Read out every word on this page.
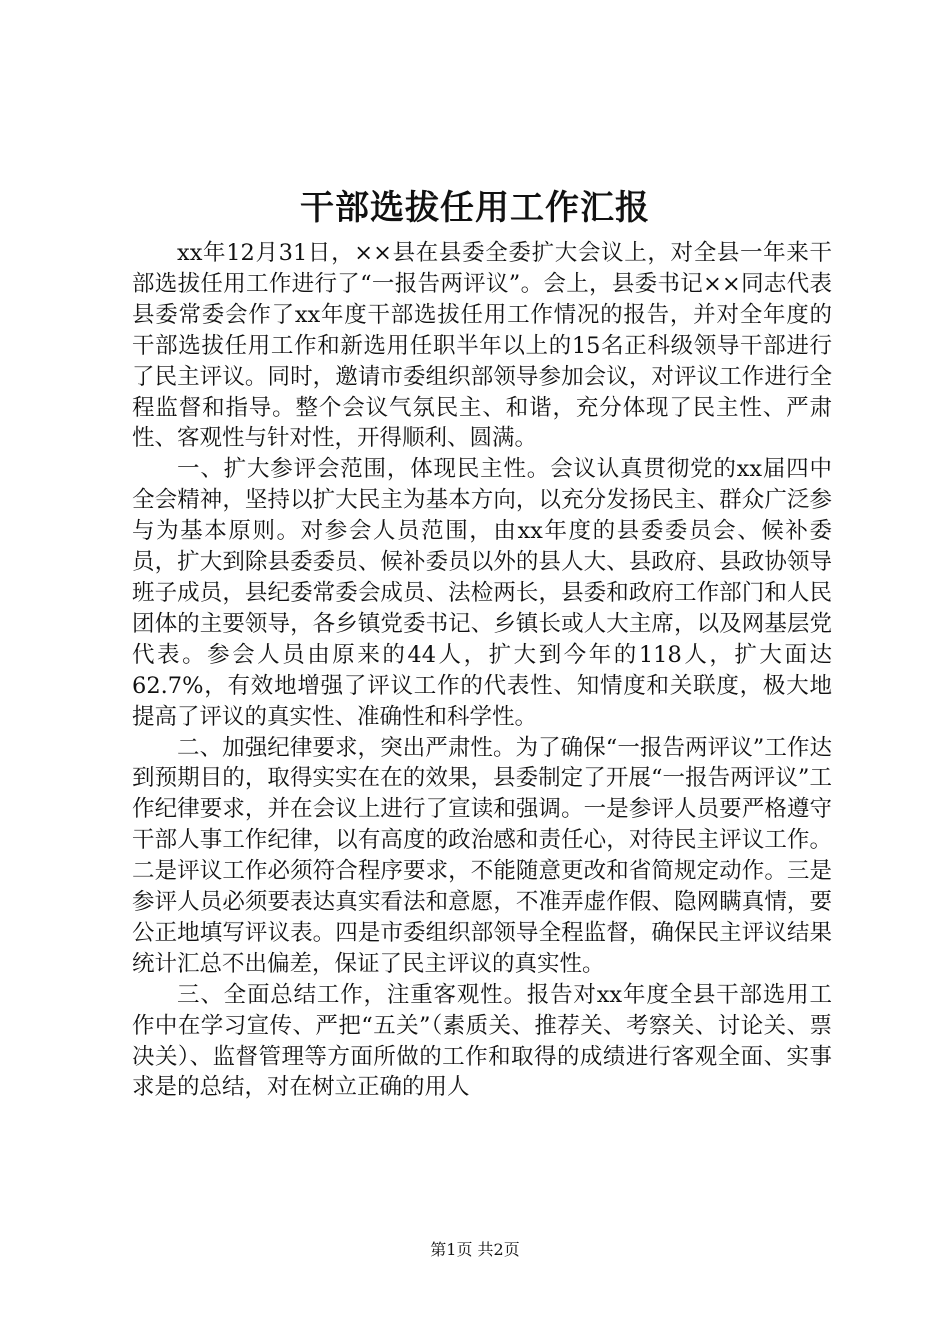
干部选拔任用工作汇报

xx年12月31日，××县在县委全委扩大会议上，对全县一年来干部选拔任用工作进行了“一报告两评议”。会上，县委书记××同志代表县委常委会作了xx年度干部选拔任用工作情况的报告，并对全年度的干部选拔任用工作和新选用任职半年以上的15名正科级领导干部进行了民主评议。同时，邀请市委组织部领导参加会议，对评议工作进行全程监督和指导。整个会议气氛民主、和谐，充分体现了民主性、严肃性、客观性与针对性，开得顺利、圆满。

一、扩大参评会范围，体现民主性。会议认真贯彻党的xx届四中全会精神，坚持以扩大民主为基本方向，以充分发扬民主、群众广泛参与为基本原则。对参会人员范围，由xx年度的县委委员会、候补委员，扩大到除县委委员、候补委员以外的县人大、县政府、县政协领导班子成员，县纪委常委会成员、法检两长，县委和政府工作部门和人民团体的主要领导，各乡镇党委书记、乡镇长或人大主席，以及网基层党代表。参会人员由原来的44人，扩大到今年的118人，扩大面达62.7%，有效地增强了评议工作的代表性、知情度和关联度，极大地提高了评议的真实性、准确性和科学性。

二、加强纪律要求，突出严肃性。为了确保“一报告两评议”工作达到预期目的，取得实实在在的效果，县委制定了开展“一报告两评议”工作纪律要求，并在会议上进行了宣读和强调。一是参评人员要严格遵守干部人事工作纪律，以有高度的政治感和责任心，对待民主评议工作。二是评议工作必须符合程序要求，不能随意更改和省简规定动作。三是参评人员必须要表达真实看法和意愿，不准弄虚作假、隐网瞒真情，要公正地填写评议表。四是市委组织部领导全程监督，确保民主评议结果统计汇总不出偏差，保证了民主评议的真实性。

三、全面总结工作，注重客观性。报告对xx年度全县干部选用工作中在学习宣传、严把“五关”（素质关、推荐关、考察关、讨论关、票决关）、监督管理等方面所做的工作和取得的成绩进行客观全面、实事求是的总结，对在树立正确的用人

第1页 共2页
